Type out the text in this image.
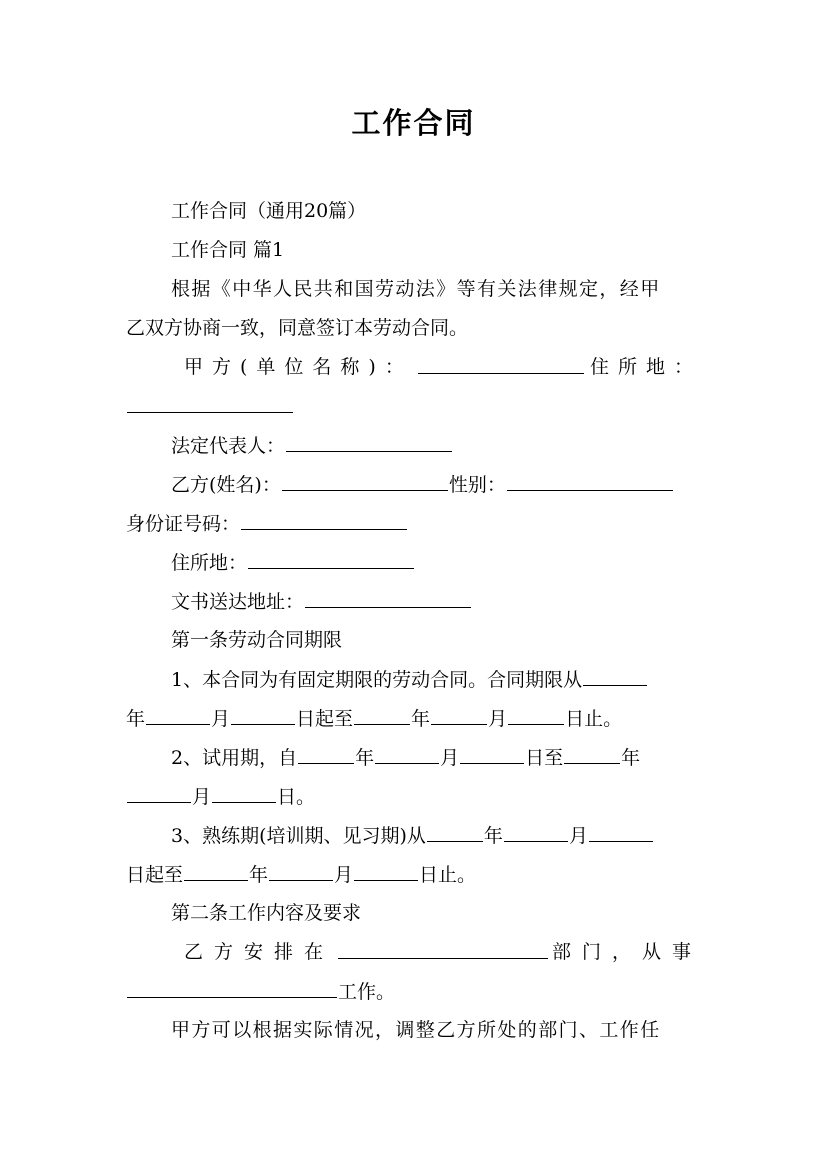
工作合同
工作合同（通用20篇）
工作合同 篇1
根据《中华人民共和国劳动法》等有关法律规定，经甲
乙双方协商一致，同意签订本劳动合同。
甲方(单位名称)：	住所地：
法定代表人：
乙方(姓名)：	性别：
身份证号码：
住所地：
文书送达地址：
第一条劳动合同期限
1、本合同为有固定期限的劳动合同。合同期限从
年	月	日起至	年	月	日止。
2、试用期，自	年	月	日至	年
月	日。
3、熟练期(培训期、见习期)从	年	月
日起至	年	月	日止。
第二条工作内容及要求
乙方安排在	部门，从事
工作。
甲方可以根据实际情况，调整乙方所处的部门、工作任
